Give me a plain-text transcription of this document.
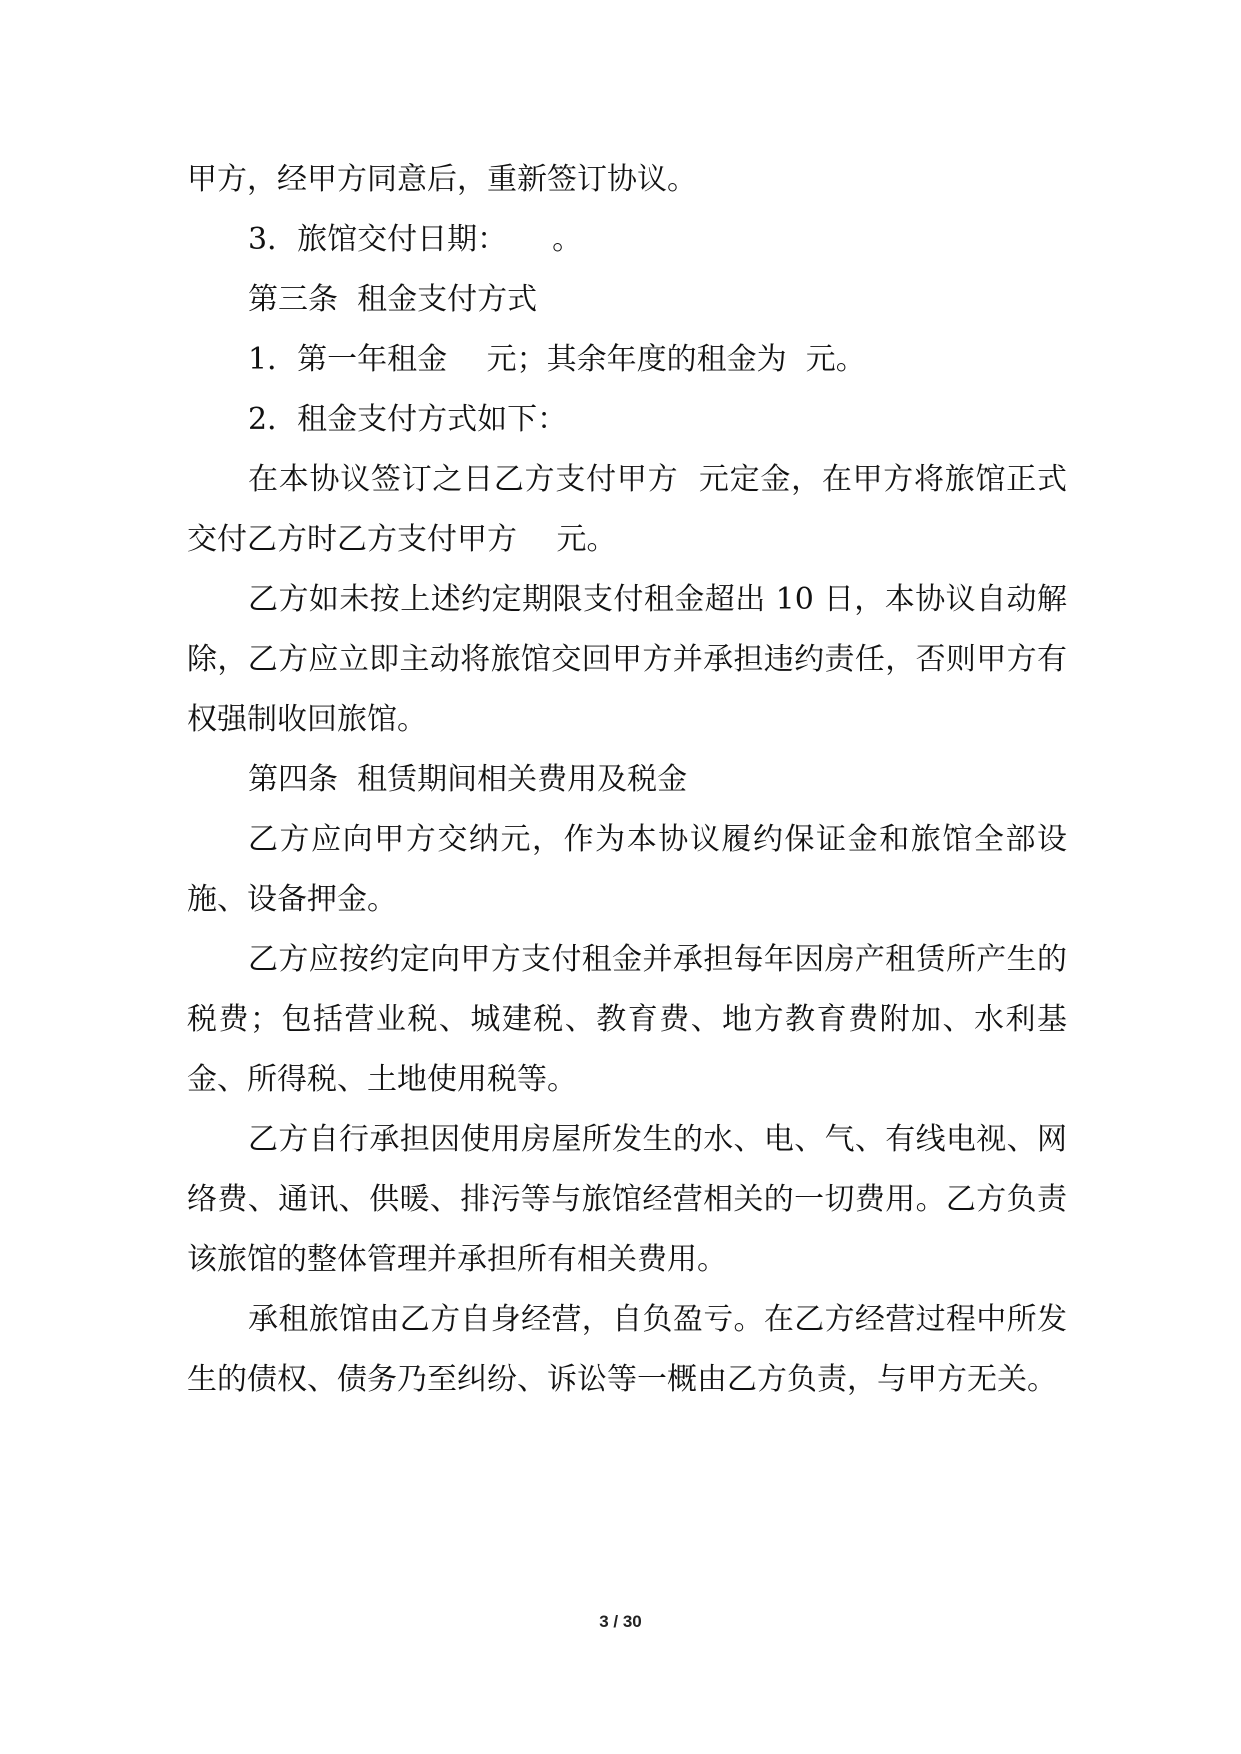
甲方，经甲方同意后，重新签订协议。

3．旅馆交付日期：　　。

第三条  租金支付方式

1．第一年租金　 元；其余年度的租金为  元。

2．租金支付方式如下：

在本协议签订之日乙方支付甲方  元定金，在甲方将旅馆正式交付乙方时乙方支付甲方　 元。

乙方如未按上述约定期限支付租金超出 10 日，本协议自动解除，乙方应立即主动将旅馆交回甲方并承担违约责任，否则甲方有权强制收回旅馆。

第四条  租赁期间相关费用及税金

乙方应向甲方交纳元，作为本协议履约保证金和旅馆全部设施、设备押金。

乙方应按约定向甲方支付租金并承担每年因房产租赁所产生的税费；包括营业税、城建税、教育费、地方教育费附加、水利基金、所得税、土地使用税等。

乙方自行承担因使用房屋所发生的水、电、气、有线电视、网络费、通讯、供暖、排污等与旅馆经营相关的一切费用。乙方负责该旅馆的整体管理并承担所有相关费用。

承租旅馆由乙方自身经营，自负盈亏。在乙方经营过程中所发生的债权、债务乃至纠纷、诉讼等一概由乙方负责，与甲方无关。

3 / 30
